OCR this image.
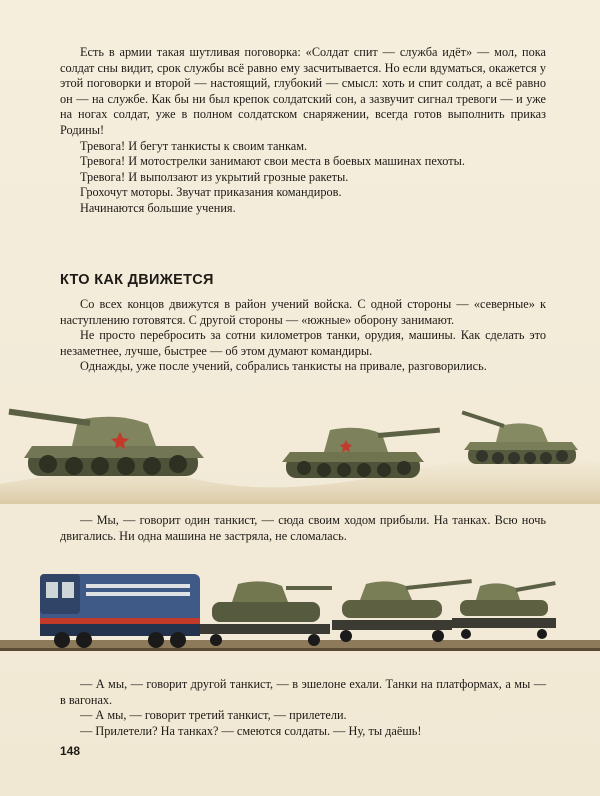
Есть в армии такая шутливая поговорка: «Солдат спит — служба идёт» — мол, пока солдат сны видит, срок службы всё равно ему засчитывается. Но если вдуматься, окажется у этой поговорки и второй — настоящий, глубокий — смысл: хоть и спит солдат, а всё равно он — на службе. Как бы ни был крепок солдатский сон, а зазвучит сигнал тревоги — и уже на ногах солдат, уже в полном солдатском снаряжении, всегда готов выполнить приказ Родины!

Тревога! И бегут танкисты к своим танкам.

Тревога! И мотострелки занимают свои места в боевых машинах пехоты.

Тревога! И выползают из укрытий грозные ракеты.

Грохочут моторы. Звучат приказания командиров.

Начинаются большие учения.

КТО КАК ДВИЖЕТСЯ

Со всех концов движутся в район учений войска. С одной стороны — «северные» к наступлению готовятся. С другой стороны — «южные» оборону занимают.

Не просто перебросить за сотни километров танки, орудия, машины. Как сделать это незаметнее, лучше, быстрее — об этом думают командиры.

Однажды, уже после учений, собрались танкисты на привале, разговорились.

— Мы, — говорит один танкист, — сюда своим ходом прибыли. На танках. Всю ночь двигались. Ни одна машина не застряла, не сломалась.

— А мы, — говорит другой танкист, — в эшелоне ехали. Танки на платформах, а мы — в вагонах.

— А мы, — говорит третий танкист, — прилетели.

— Прилетели? На танках? — смеются солдаты. — Ну, ты даёшь!

148
